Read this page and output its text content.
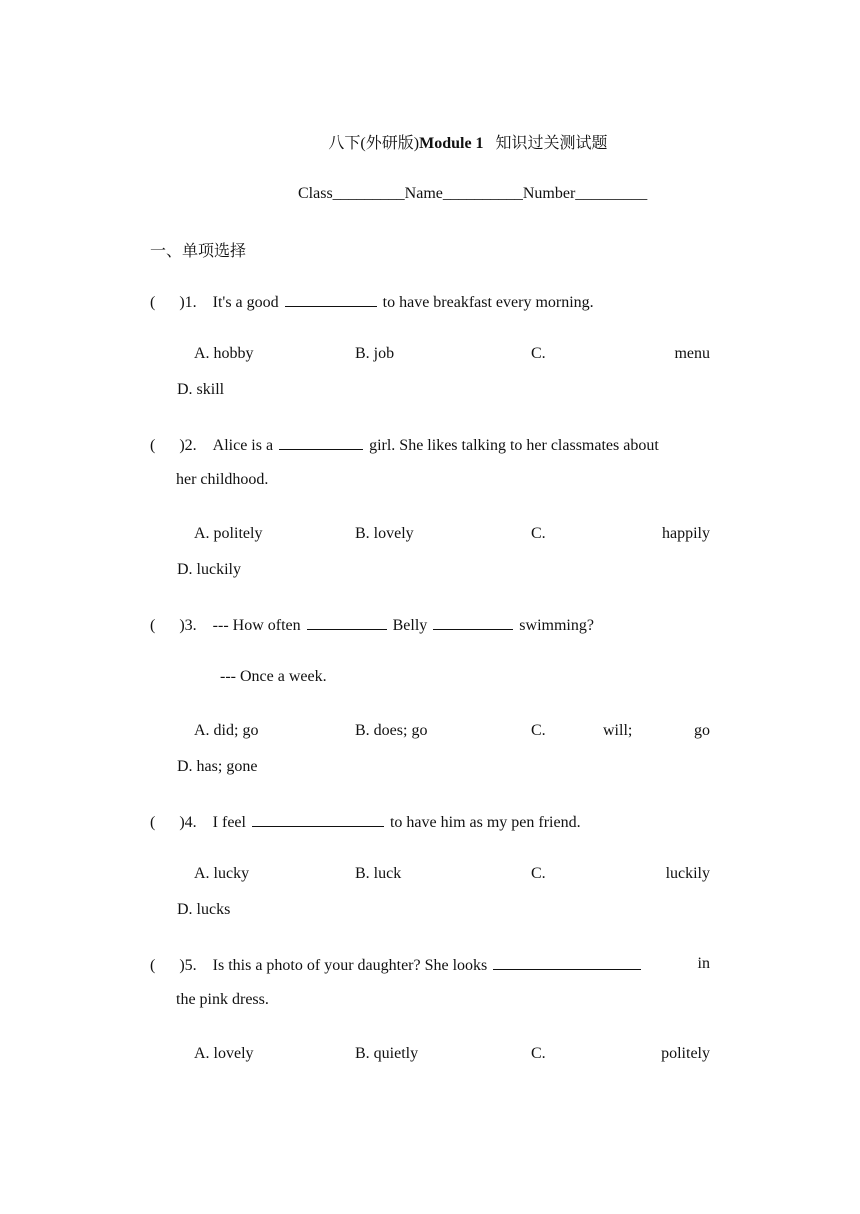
八下(外研版)Module 1 知识过关测试题
Class_________Name__________Number_________
一、单项选择
(      )1. It's a good	to have breakfast every morning.
A. hobby	B. job	C.	menu
D. skill
(      )2. Alice is a	girl. She likes talking to her classmates about
her childhood.
A. politely	B. lovely	C.	happily
D. luckily
(      )3. --- How often	Belly	swimming?
--- Once a week.
A. did; go	B. does; go	C.	will;	go
D. has; gone
(      )4. I feel	to have him as my pen friend.
A. lucky	B. luck	C.	luckily
D. lucks
(      )5. Is this a photo of your daughter? She looks	in
the pink dress.
A. lovely	B. quietly	C.	politely
